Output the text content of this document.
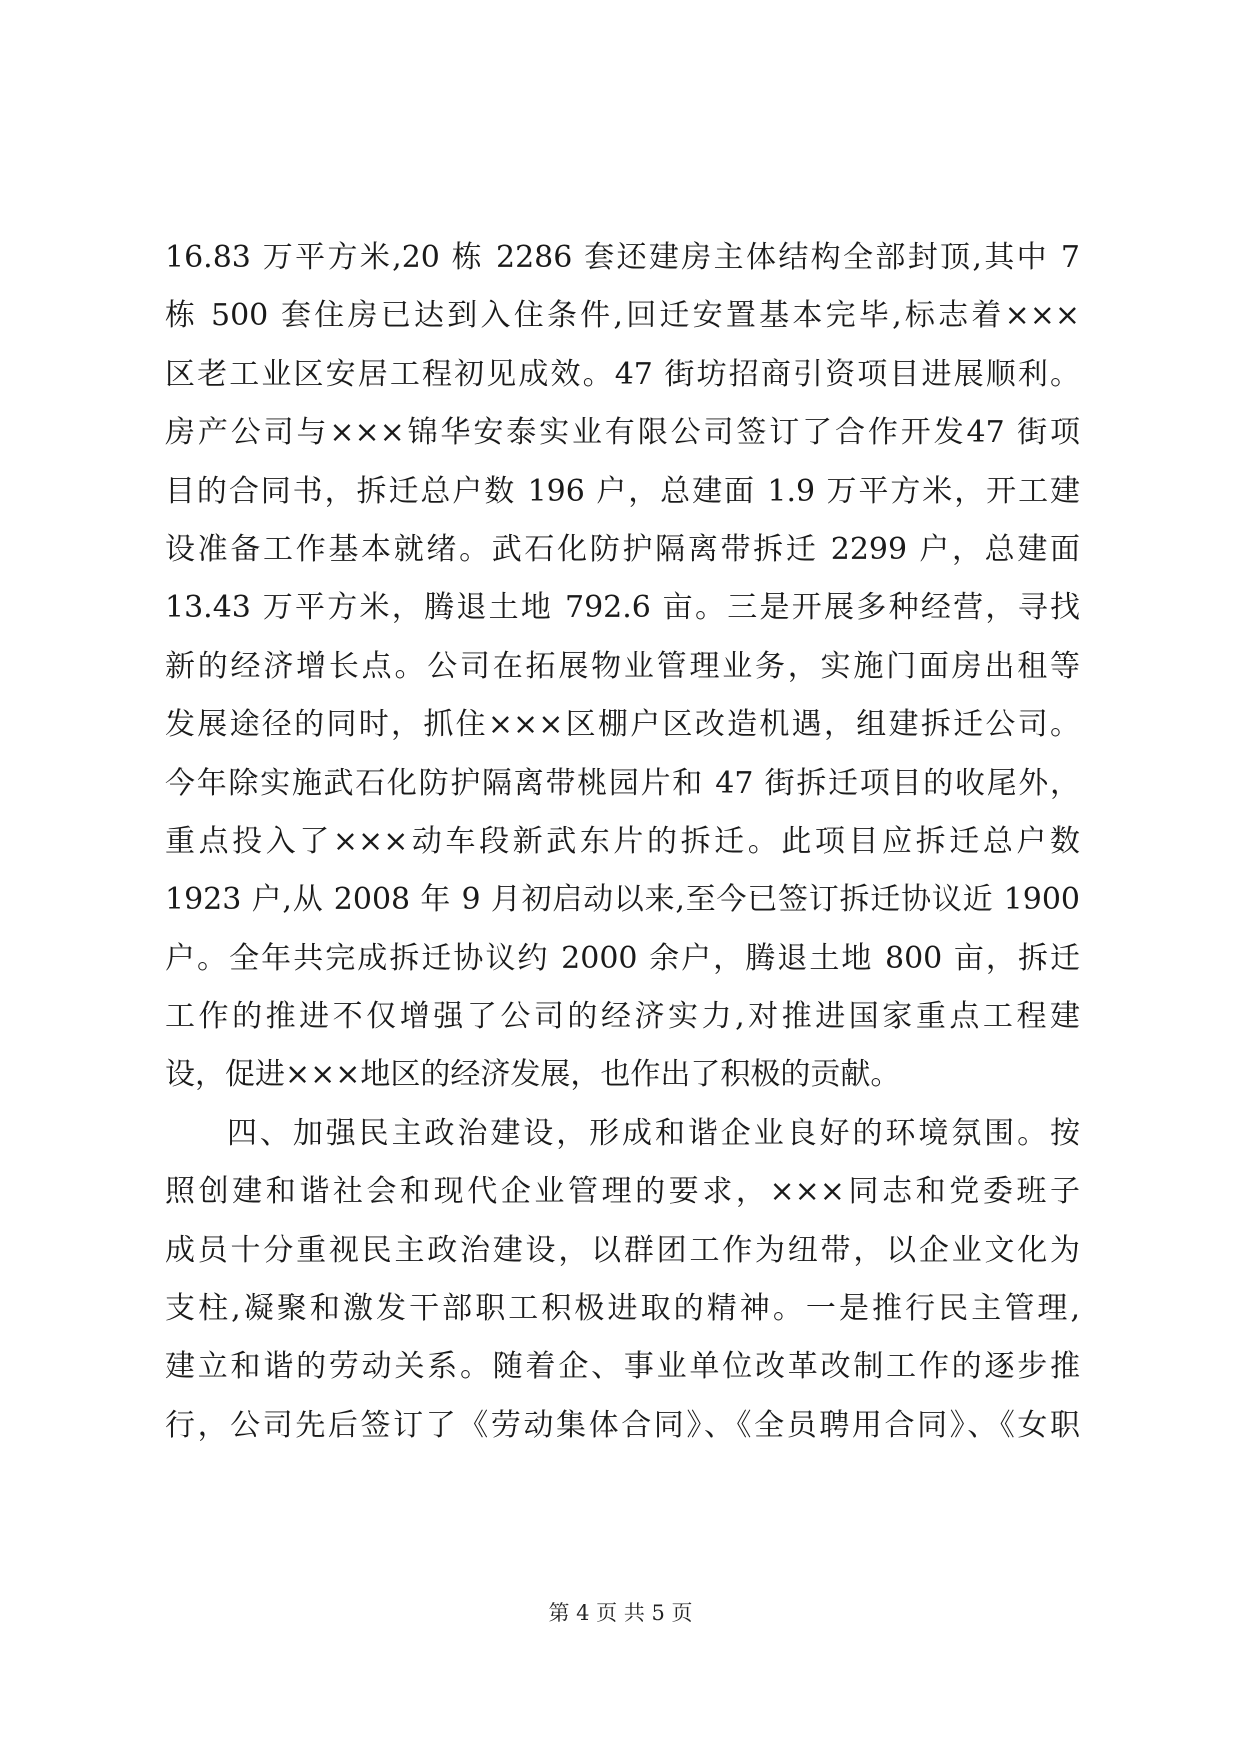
16.83 万平方米,20 栋 2286 套还建房主体结构全部封顶,其中 7
栋 500 套住房已达到入住条件,回迁安置基本完毕,标志着×××
区老工业区安居工程初见成效。47 街坊招商引资项目进展顺利。
房产公司与×××锦华安泰实业有限公司签订了合作开发47 街项
目的合同书，拆迁总户数 196 户，总建面 1.9 万平方米，开工建
设准备工作基本就绪。武石化防护隔离带拆迁 2299 户，总建面
13.43 万平方米，腾退土地 792.6 亩。三是开展多种经营，寻找
新的经济增长点。公司在拓展物业管理业务，实施门面房出租等
发展途径的同时，抓住×××区棚户区改造机遇，组建拆迁公司。
今年除实施武石化防护隔离带桃园片和 47 街拆迁项目的收尾外，
重点投入了×××动车段新武东片的拆迁。此项目应拆迁总户数
1923 户,从 2008 年 9 月初启动以来,至今已签订拆迁协议近 1900
户。全年共完成拆迁协议约 2000 余户，腾退土地 800 亩，拆迁
工作的推进不仅增强了公司的经济实力,对推进国家重点工程建
设，促进×××地区的经济发展，也作出了积极的贡献。
四、加强民主政治建设，形成和谐企业良好的环境氛围。按
照创建和谐社会和现代企业管理的要求，×××同志和党委班子
成员十分重视民主政治建设，以群团工作为纽带，以企业文化为
支柱,凝聚和激发干部职工积极进取的精神。一是推行民主管理,
建立和谐的劳动关系。随着企、事业单位改革改制工作的逐步推
行，公司先后签订了《劳动集体合同》、《全员聘用合同》、《女职
第 4 页 共 5 页
